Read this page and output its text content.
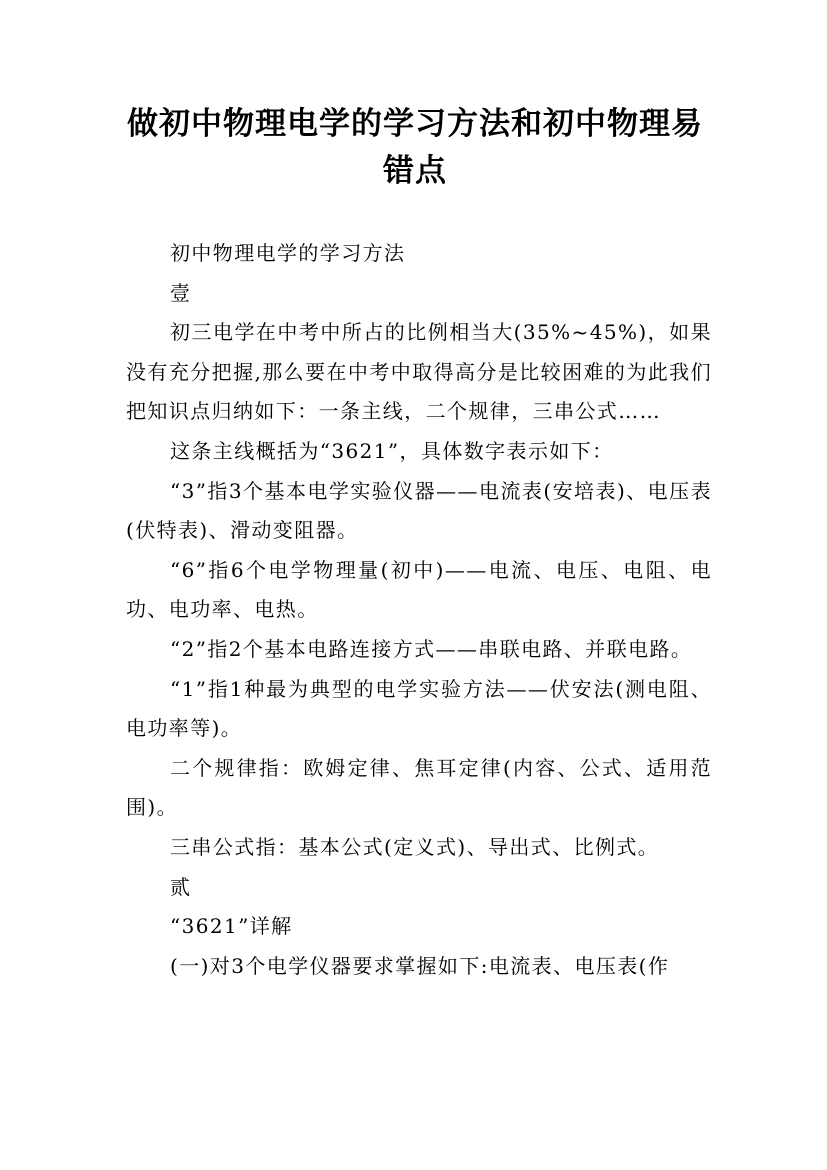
做初中物理电学的学习方法和初中物理易
错点

初中物理电学的学习方法

壹

初三电学在中考中所占的比例相当大(35%~45%)，如果没有充分把握,那么要在中考中取得高分是比较困难的为此我们把知识点归纳如下：一条主线，二个规律，三串公式……

这条主线概括为“3621”，具体数字表示如下：

“3”指3个基本电学实验仪器——电流表(安培表)、电压表(伏特表)、滑动变阻器。

“6”指6个电学物理量(初中)——电流、电压、电阻、电功、电功率、电热。

“2”指2个基本电路连接方式——串联电路、并联电路。

“1”指1种最为典型的电学实验方法——伏安法(测电阻、电功率等)。

二个规律指：欧姆定律、焦耳定律(内容、公式、适用范围)。

三串公式指：基本公式(定义式)、导出式、比例式。

贰

“3621”详解

(一)对3个电学仪器要求掌握如下:电流表、电压表(作
